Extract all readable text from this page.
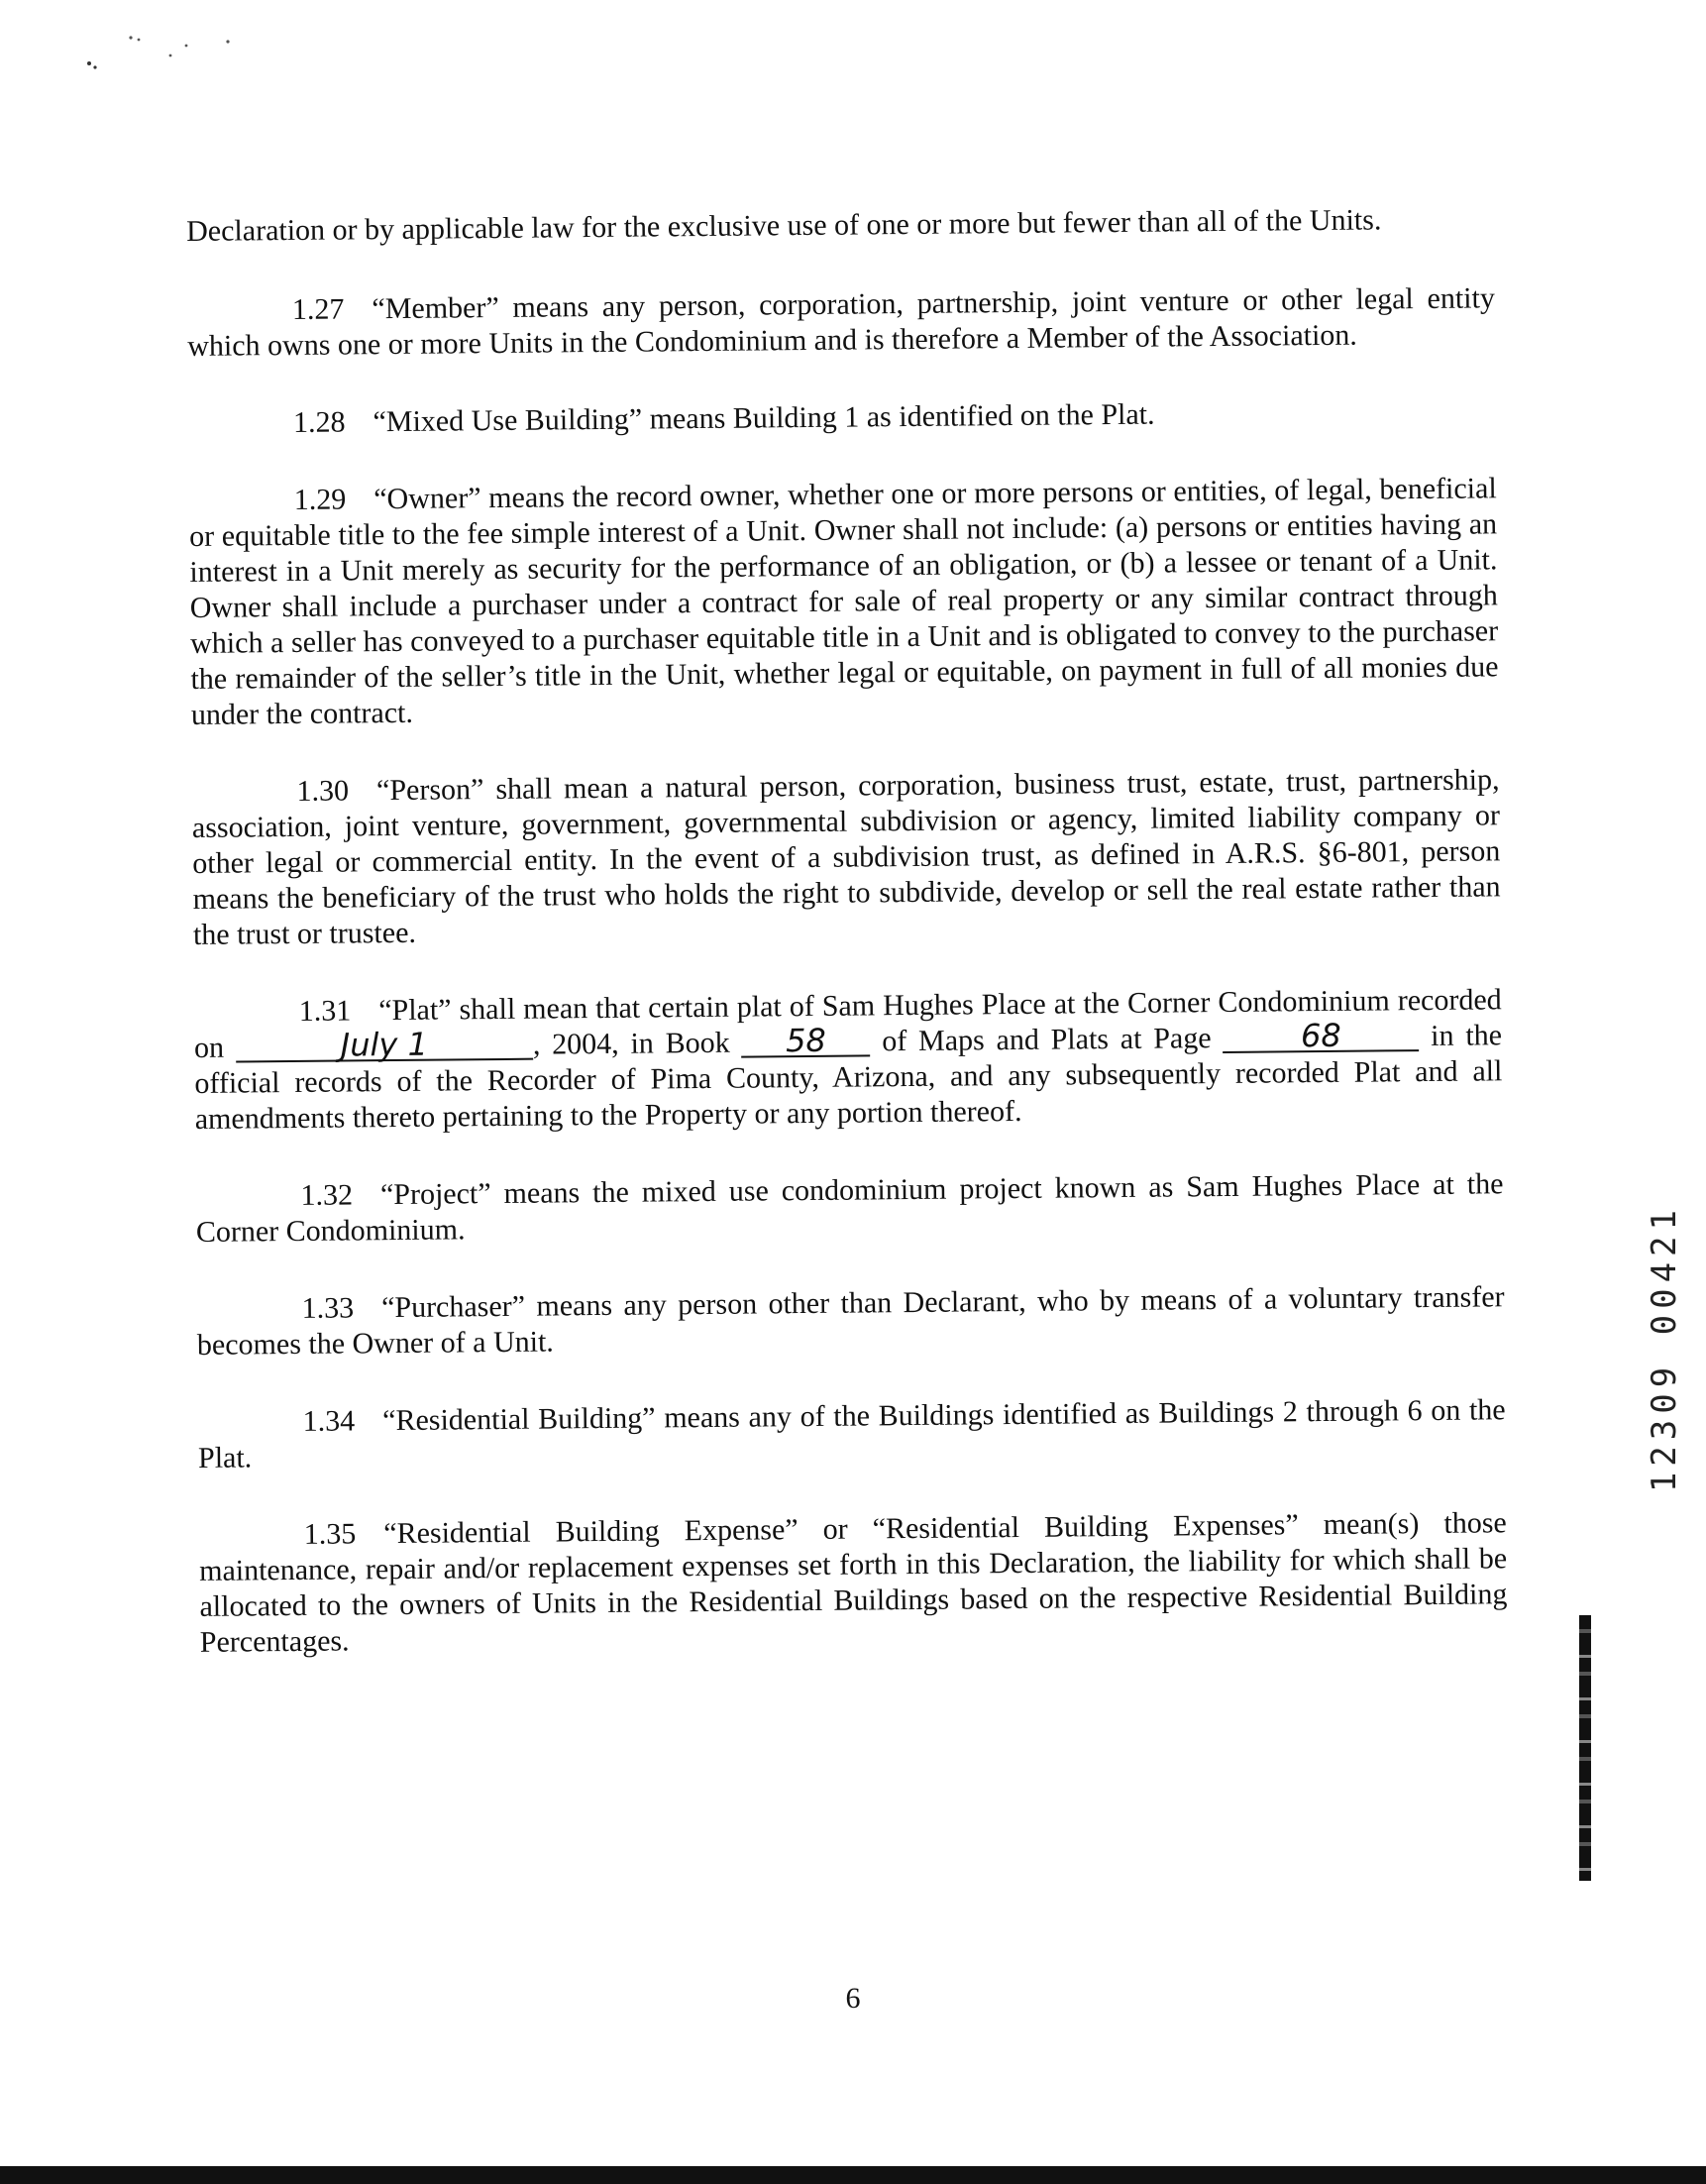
Declaration or by applicable law for the exclusive use of one or more but fewer than all of the Units.

1.27 “Member” means any person, corporation, partnership, joint venture or other legal entity which owns one or more Units in the Condominium and is therefore a Member of the Association.

1.28 “Mixed Use Building” means Building 1 as identified on the Plat.

1.29 “Owner” means the record owner, whether one or more persons or entities, of legal, beneficial or equitable title to the fee simple interest of a Unit. Owner shall not include: (a) persons or entities having an interest in a Unit merely as security for the performance of an obligation, or (b) a lessee or tenant of a Unit. Owner shall include a purchaser under a contract for sale of real property or any similar contract through which a seller has conveyed to a purchaser equitable title in a Unit and is obligated to convey to the purchaser the remainder of the seller’s title in the Unit, whether legal or equitable, on payment in full of all monies due under the contract.

1.30 “Person” shall mean a natural person, corporation, business trust, estate, trust, partnership, association, joint venture, government, governmental subdivision or agency, limited liability company or other legal or commercial entity. In the event of a subdivision trust, as defined in A.R.S. §6-801, person means the beneficiary of the trust who holds the right to subdivide, develop or sell the real estate rather than the trust or trustee.

1.31 “Plat” shall mean that certain plat of Sam Hughes Place at the Corner Condominium recorded on	July 1	, 2004, in Book 58 of Maps and Plats at Page	68	in the official records of the Recorder of Pima County, Arizona, and any subsequently recorded Plat and all amendments thereto pertaining to the Property or any portion thereof.

1.32 “Project” means the mixed use condominium project known as Sam Hughes Place at the Corner Condominium.

1.33 “Purchaser” means any person other than Declarant, who by means of a voluntary transfer becomes the Owner of a Unit.

1.34 “Residential Building” means any of the Buildings identified as Buildings 2 through 6 on the Plat.

1.35 “Residential Building Expense” or “Residential Building Expenses” mean(s) those maintenance, repair and/or replacement expenses set forth in this Declaration, the liability for which shall be allocated to the owners of Units in the Residential Buildings based on the respective Residential Building Percentages.

6
12309 00421
